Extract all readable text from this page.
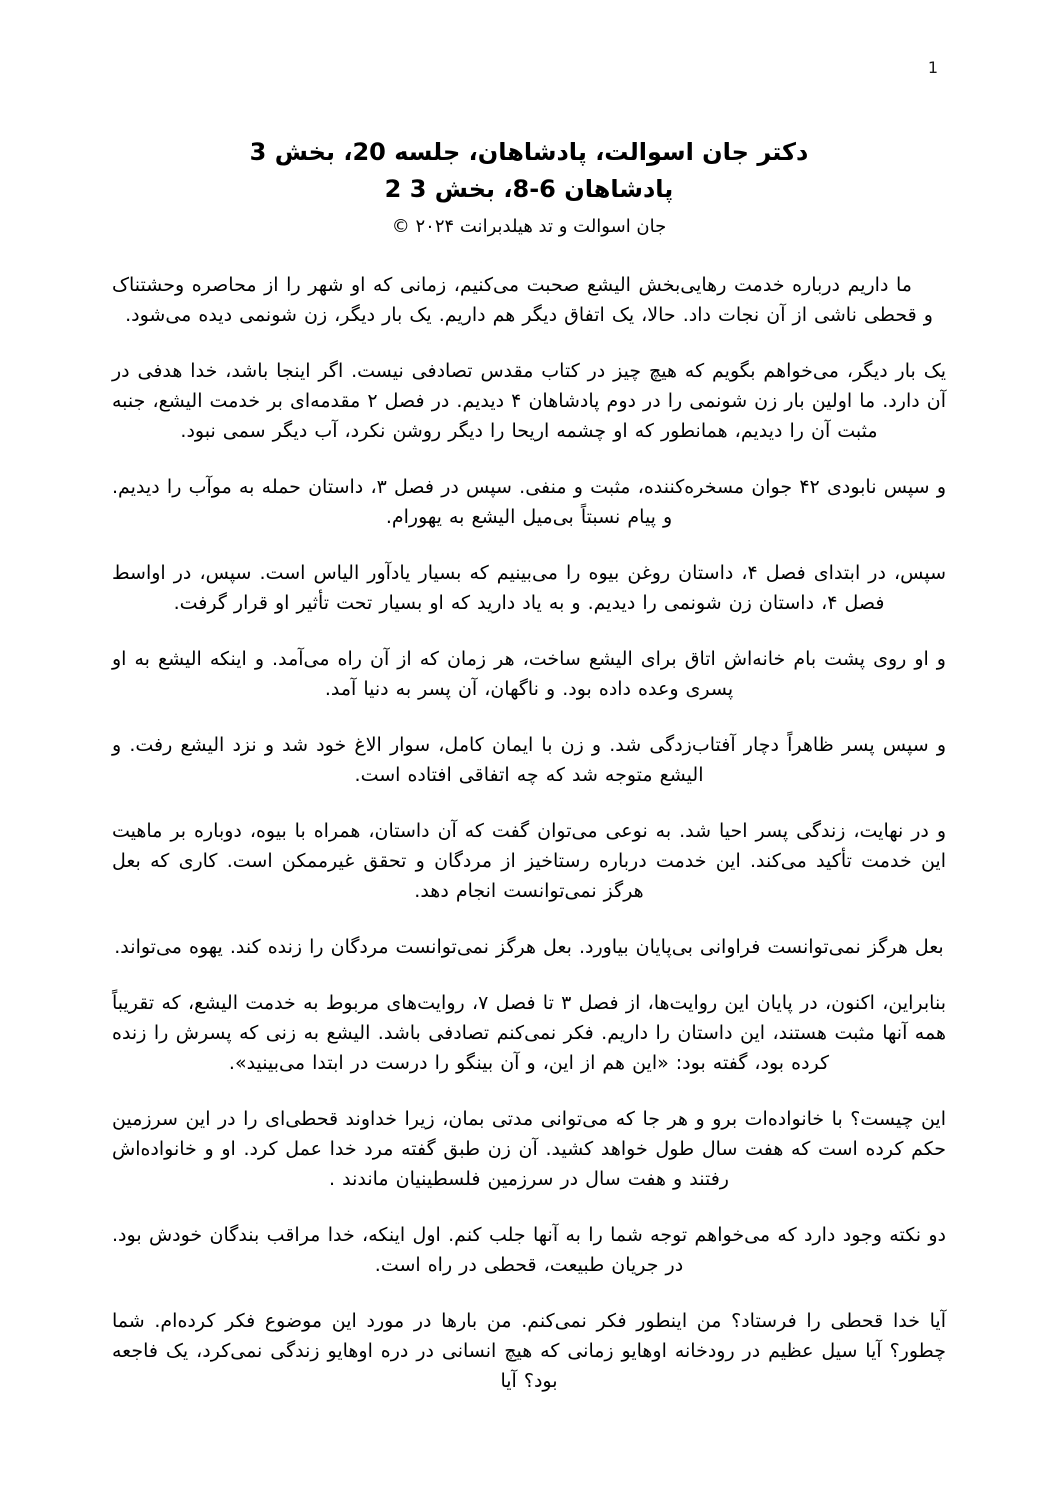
1
دکتر جان اسوالت، پادشاهان، جلسه 20، بخش 3
پادشاهان 6-8، بخش 3 2
جان اسوالت و تد هیلدبرانت ۲۰۲۴ ©

ما داریم درباره خدمت رهایی‌بخش الیشع صحبت می‌کنیم، زمانی که او شهر را از محاصره وحشتناک و قحطی ناشی از آن نجات داد. حالا، یک اتفاق دیگر هم داریم. یک بار دیگر، زن شونمی دیده می‌شود.

یک بار دیگر، می‌خواهم بگویم که هیچ چیز در کتاب مقدس تصادفی نیست. اگر اینجا باشد، خدا هدفی در آن دارد. ما اولین بار زن شونمی را در دوم پادشاهان ۴ دیدیم. در فصل ۲ مقدمه‌ای بر خدمت الیشع، جنبه مثبت آن را دیدیم، همانطور که او چشمه اریحا را دیگر روشن نکرد، آب دیگر سمی نبود.

و سپس نابودی ۴۲ جوان مسخره‌کننده، مثبت و منفی. سپس در فصل ۳، داستان حمله به موآب را دیدیم. و پیام نسبتاً بی‌میل الیشع به یهورام.

سپس، در ابتدای فصل ۴، داستان روغن بیوه را می‌بینیم که بسیار یادآور الیاس است. سپس، در اواسط فصل ۴، داستان زن شونمی را دیدیم. و به یاد دارید که او بسیار تحت تأثیر او قرار گرفت.

و او روی پشت بام خانه‌اش اتاق برای الیشع ساخت، هر زمان که از آن راه می‌آمد. و اینکه الیشع به او پسری وعده داده بود. و ناگهان، آن پسر به دنیا آمد.

و سپس پسر ظاهراً دچار آفتاب‌زدگی شد. و زن با ایمان کامل، سوار الاغ خود شد و نزد الیشع رفت. و الیشع متوجه شد که چه اتفاقی افتاده است.

و در نهایت، زندگی پسر احیا شد. به نوعی می‌توان گفت که آن داستان، همراه با بیوه، دوباره بر ماهیت این خدمت تأکید می‌کند. این خدمت درباره رستاخیز از مردگان و تحقق غیرممکن است. کاری که بعل هرگز نمی‌توانست انجام دهد.

بعل هرگز نمی‌توانست فراوانی بی‌پایان بیاورد. بعل هرگز نمی‌توانست مردگان را زنده کند. یهوه می‌تواند.

بنابراین، اکنون، در پایان این روایت‌ها، از فصل ۳ تا فصل ۷، روایت‌های مربوط به خدمت الیشع، که تقریباً همه آنها مثبت هستند، این داستان را داریم. فکر نمی‌کنم تصادفی باشد. الیشع به زنی که پسرش را زنده کرده بود، گفته بود: «این هم از این، و آن بینگو را درست در ابتدا می‌بینید».

این چیست؟ با خانواده‌ات برو و هر جا که می‌توانی مدتی بمان، زیرا خداوند قحطی‌ای را در این سرزمین حکم کرده است که هفت سال طول خواهد کشید. آن زن طبق گفته مرد خدا عمل کرد. او و خانواده‌اش رفتند و هفت سال در سرزمین فلسطینیان ماندند .

دو نکته وجود دارد که می‌خواهم توجه شما را به آنها جلب کنم. اول اینکه، خدا مراقب بندگان خودش بود. در جریان طبیعت، قحطی در راه است.

آیا خدا قحطی را فرستاد؟ من اینطور فکر نمی‌کنم. من بارها در مورد این موضوع فکر کرده‌ام. شما چطور؟ آیا سیل عظیم در رودخانه اوهایو زمانی که هیچ انسانی در دره اوهایو زندگی نمی‌کرد، یک فاجعه بود؟ آیا
